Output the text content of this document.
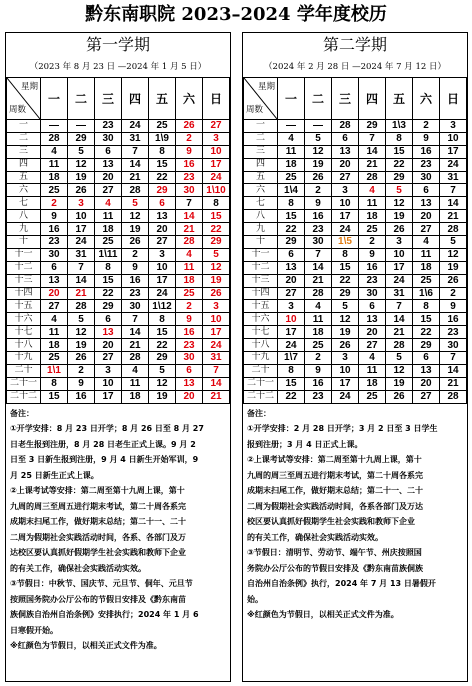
黔东南职院 2023–2024 学年度校历
第一学期
（2023 年 8 月 23 日 —2024 年 1 月 5 日）
星期
周数	一	二	三	四	五	六	日
一	—	—	23	24	25	26	27
二	28	29	30	31	1\9	2	3
三	4	5	6	7	8	9	10
四	11	12	13	14	15	16	17
五	18	19	20	21	22	23	24
六	25	26	27	28	29	30	1\10
七	2	3	4	5	6	7	8
八	9	10	11	12	13	14	15
九	16	17	18	19	20	21	22
十	23	24	25	26	27	28	29
十一	30	31	1\11	2	3	4	5
十二	6	7	8	9	10	11	12
十三	13	14	15	16	17	18	19
十四	20	21	22	23	24	25	26
十五	27	28	29	30	1\12	2	3
十六	4	5	6	7	8	9	10
十七	11	12	13	14	15	16	17
十八	18	19	20	21	22	23	24
十九	25	26	27	28	29	30	31
二十	1\1	2	3	4	5	6	7
二十一	8	9	10	11	12	13	14
二十二	15	16	17	18	19	20	21

备注：

①开学安排：8 月 23 日开学；8 月 26 日至 8 月 27

日老生报到注册，8 月 28 日老生正式上课。9 月 2

日至 3 日新生报到注册，9 月 4 日新生开始军训，9

月 25 日新生正式上课。

②上课考试等安排：第二周至第十九周上课，第十

九周的周三至周五进行期末考试，第二十周各系完

成期末扫尾工作，做好期末总结；第二十一、二十

二周为假期社会实践活动时间，各系、各部门及万

达校区要认真抓好假期学生社会实践和教师下企业

的有关工作，确保社会实践活动实效。

③节假日：中秋节、国庆节、元旦节、侗年、元旦节

按照国务院办公厅公布的节假日安排及《黔东南苗

族侗族自治州自治条例》安排执行；2024 年 1 月 6

日寒假开始。

※红颜色为节假日，以相关正式文件为准。

第二学期
（2024 年 2 月 28 日 —2024 年 7 月 12 日）
星期
周数	一	二	三	四	五	六	日
一	—	—	28	29	1\3	2	3
二	4	5	6	7	8	9	10
三	11	12	13	14	15	16	17
四	18	19	20	21	22	23	24
五	25	26	27	28	29	30	31
六	1\4	2	3	4	5	6	7
七	8	9	10	11	12	13	14
八	15	16	17	18	19	20	21
九	22	23	24	25	26	27	28
十	29	30	1\5	2	3	4	5
十一	6	7	8	9	10	11	12
十二	13	14	15	16	17	18	19
十三	20	21	22	23	24	25	26
十四	27	28	29	30	31	1\6	2
十五	3	4	5	6	7	8	9
十六	10	11	12	13	14	15	16
十七	17	18	19	20	21	22	23
十八	24	25	26	27	28	29	30
十九	1\7	2	3	4	5	6	7
二十	8	9	10	11	12	13	14
二十一	15	16	17	18	19	20	21
二十二	22	23	24	25	26	27	28

备注：

①开学安排：2 月 28 日开学；3 月 2 日至 3 日学生

报到注册；3 月 4 日正式上课。

②上课考试等安排：第二周至第十九周上课，第十

九周的周三至周五进行期末考试，第二十周各系完

成期末扫尾工作，做好期末总结；第二十一、二十

二周为假期社会实践活动时间，各系各部门及万达

校区要认真抓好假期学生社会实践和教师下企业

的有关工作，确保社会实践活动实效。

③节假日：清明节、劳动节、端午节、州庆按照国

务院办公厅公布的节假日安排及《黔东南苗族侗族

自治州自治条例》执行，2024 年 7 月 13 日暑假开

始。

※红颜色为节假日，以相关正式文件为准。
